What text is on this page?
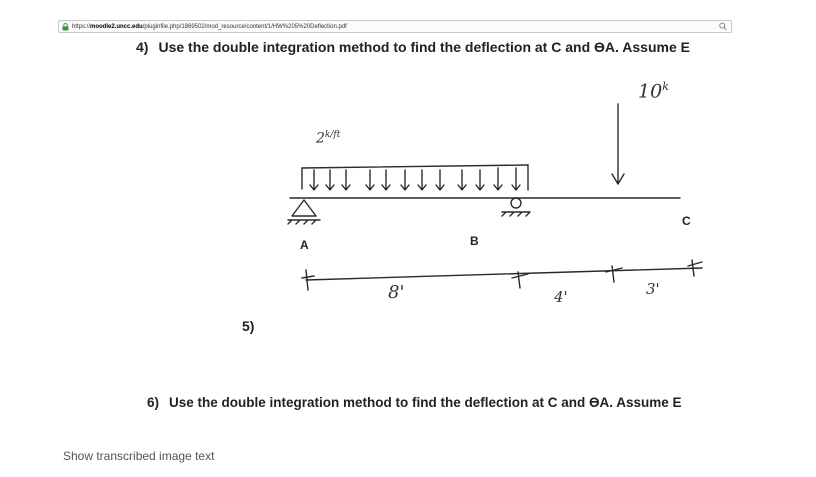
https://moodle2.uncc.edu/pluginfile.php/1869502/mod_resource/content/1/HW%205%20Deflection.pdf
4) Use the double integration method to find the deflection at C and ϴA. Assume E
10$^k$
$2^{k/ft}$
A	B
C
8'	4'	3'
5)
6) Use the double integration method to find the deflection at C and ϴA. Assume E
Show transcribed image text
